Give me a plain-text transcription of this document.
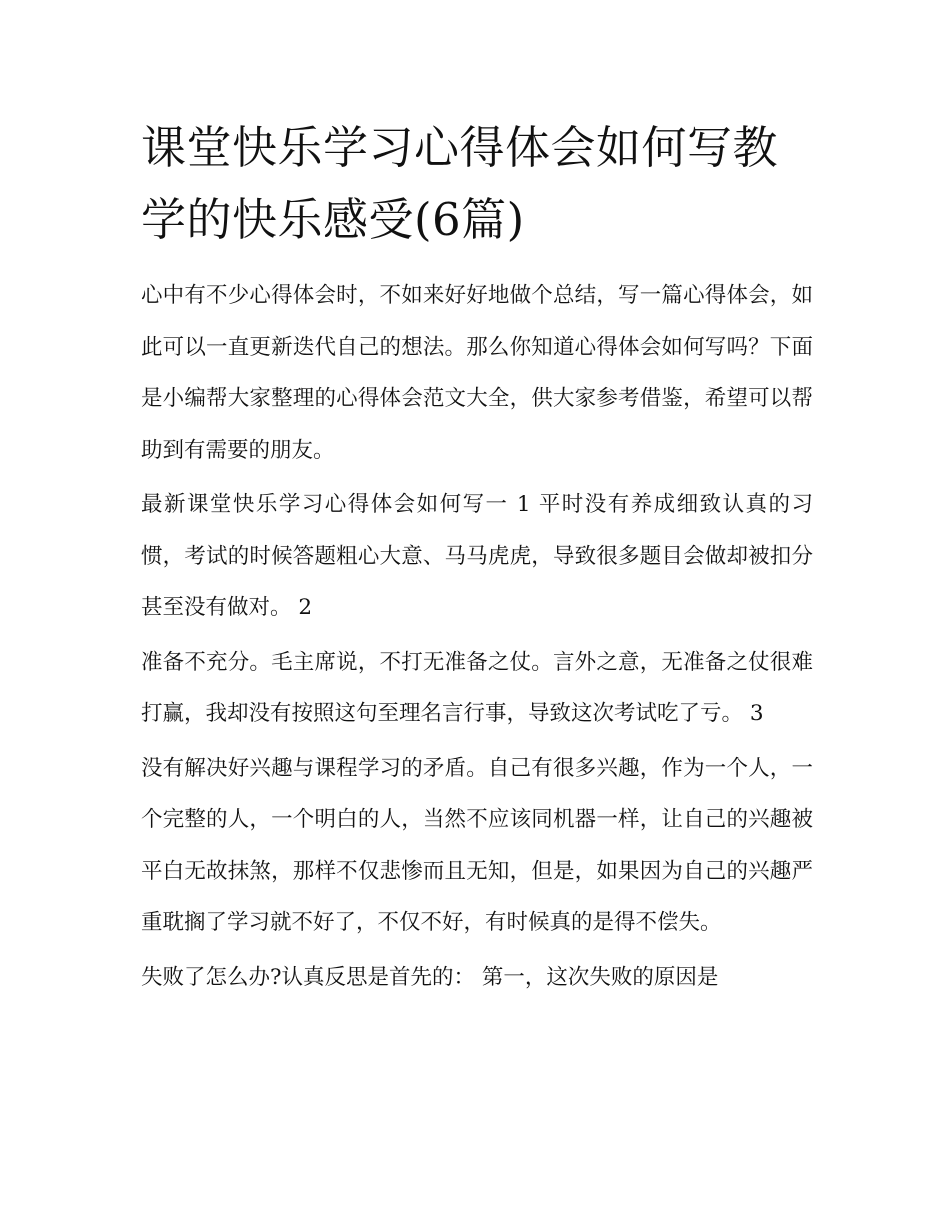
课堂快乐学习心得体会如何写教学的快乐感受(6篇)

心中有不少心得体会时，不如来好好地做个总结，写一篇心得体会，如此可以一直更新迭代自己的想法。那么你知道心得体会如何写吗？下面是小编帮大家整理的心得体会范文大全，供大家参考借鉴，希望可以帮助到有需要的朋友。

最新课堂快乐学习心得体会如何写一 1 平时没有养成细致认真的习惯，考试的时候答题粗心大意、马马虎虎，导致很多题目会做却被扣分甚至没有做对。 2

准备不充分。毛主席说，不打无准备之仗。言外之意，无准备之仗很难打赢，我却没有按照这句至理名言行事，导致这次考试吃了亏。 3

没有解决好兴趣与课程学习的矛盾。自己有很多兴趣，作为一个人，一个完整的人，一个明白的人，当然不应该同机器一样，让自己的兴趣被平白无故抹煞，那样不仅悲惨而且无知，但是，如果因为自己的兴趣严重耽搁了学习就不好了，不仅不好，有时候真的是得不偿失。

失败了怎么办?认真反思是首先的： 第一，这次失败的原因是
